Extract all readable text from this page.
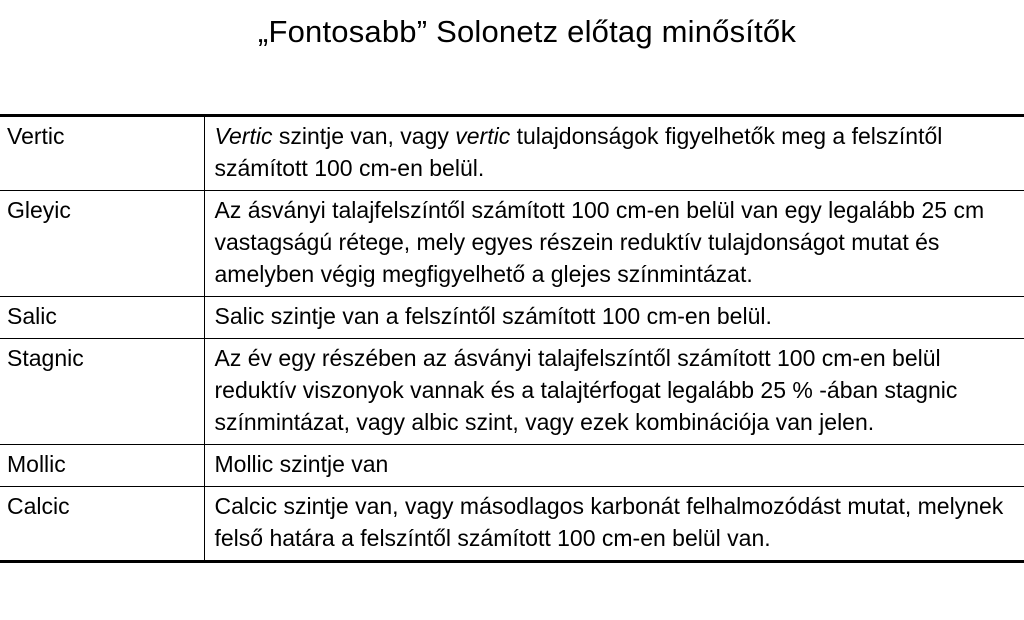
„Fontosabb” Solonetz előtag minősítők
Vertic	Vertic szintje van, vagy vertic tulajdonságok figyelhetők meg a felszíntől
számított 100 cm-en belül.

Gleyic	Az ásványi talajfelszíntől számított 100 cm-en belül van egy legalább 25 cm
vastagságú rétege, mely egyes részein reduktív tulajdonságot mutat és
amelyben végig megfigyelhető a glejes színmintázat.

Salic	Salic szintje van a felszíntől számított 100 cm-en belül.

Stagnic	Az év egy részében az ásványi talajfelszíntől számított 100 cm-en belül
reduktív viszonyok vannak és a talajtérfogat legalább 25 % -ában stagnic
színmintázat, vagy albic szint, vagy ezek kombinációja van jelen.

Mollic	Mollic szintje van

Calcic	Calcic szintje van, vagy másodlagos karbonát felhalmozódást mutat, melynek
felső határa a felszíntől számított 100 cm-en belül van.
